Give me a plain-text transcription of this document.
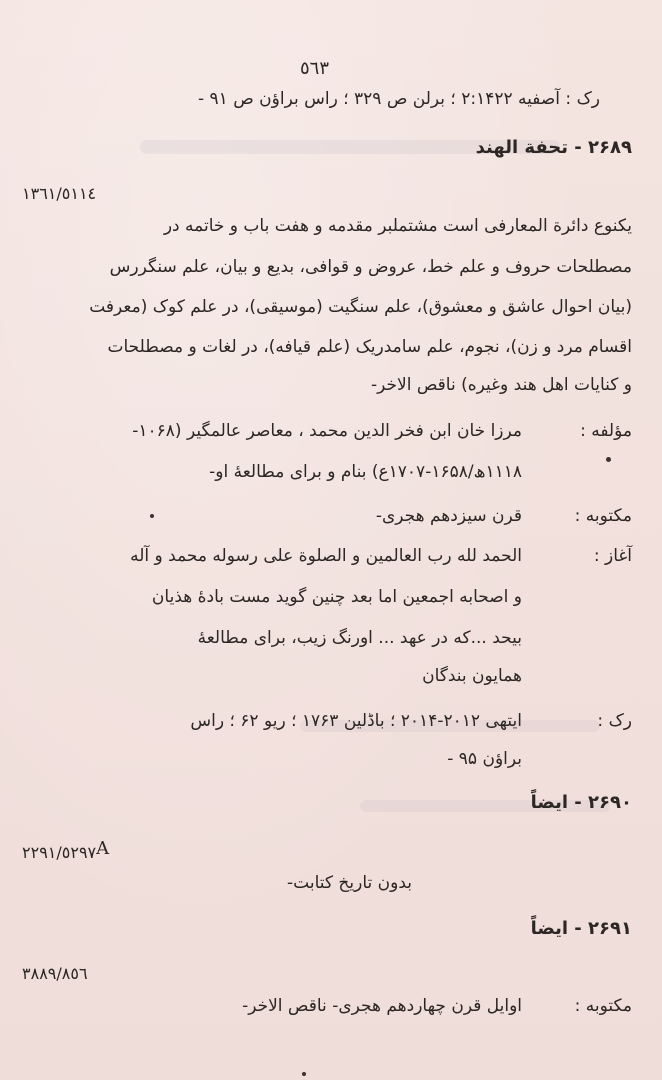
٥٦٣
رک : آصفیه ۲:۱۴۲۲ ؛ برلن ص ۳۲۹ ؛ راس براؤن ص ۹۱ -
۲۶۸۹ - تحفة الهند
١٣٦١/٥١١٤
یکنوع دائرة المعارفی است مشتملبر مقدمه و هفت باب و خاتمه در
مصطلحات حروف و علم خط، عروض و قوافی، بدیع و بیان، علم سنگررس
(بیان احوال عاشق و معشوق)، علم سنگیت (موسیقی)، در علم کوک (معرفت
اقسام مرد و زن)، نجوم، علم سامدریک (علم قیافه)، در لغات و مصطلحات
و کنایات اهل هند وغیره) ناقص الاخر-
مؤلفه :
مرزا خان ابن فخر الدین محمد ، معاصر عالمگیر (۱۰۶۸-
۱۱۱۸ھ/۱۶۵۸-۱۷۰۷ع) بنام و برای مطالعهٔ او-
مکتوبه :
قرن سیزدهم هجری-
آغاز :
الحمد لله رب العالمین و الصلوة علی رسوله محمد و آله
و اصحابه اجمعین اما بعد چنین گوید مست بادهٔ هذیان
بیحد ...که در عهد ... اورنگ زیب، برای مطالعهٔ
همایون بندگان
رک :
ایتهی ۲۰۱۲-۲۰۱۴ ؛ باڈلین ۱۷۶۳ ؛ ریو ۶۲ ؛ راس
براؤن ۹۵ -
۲۶۹۰ - ایضاً
٢٢٩١/٥٢٩٧A
بدون تاریخ کتابت-
۲۶۹۱ - ایضاً
٣٨٨٩/٨٥٦
مکتوبه :
اوایل قرن چهاردهم هجری- ناقص الاخر-
